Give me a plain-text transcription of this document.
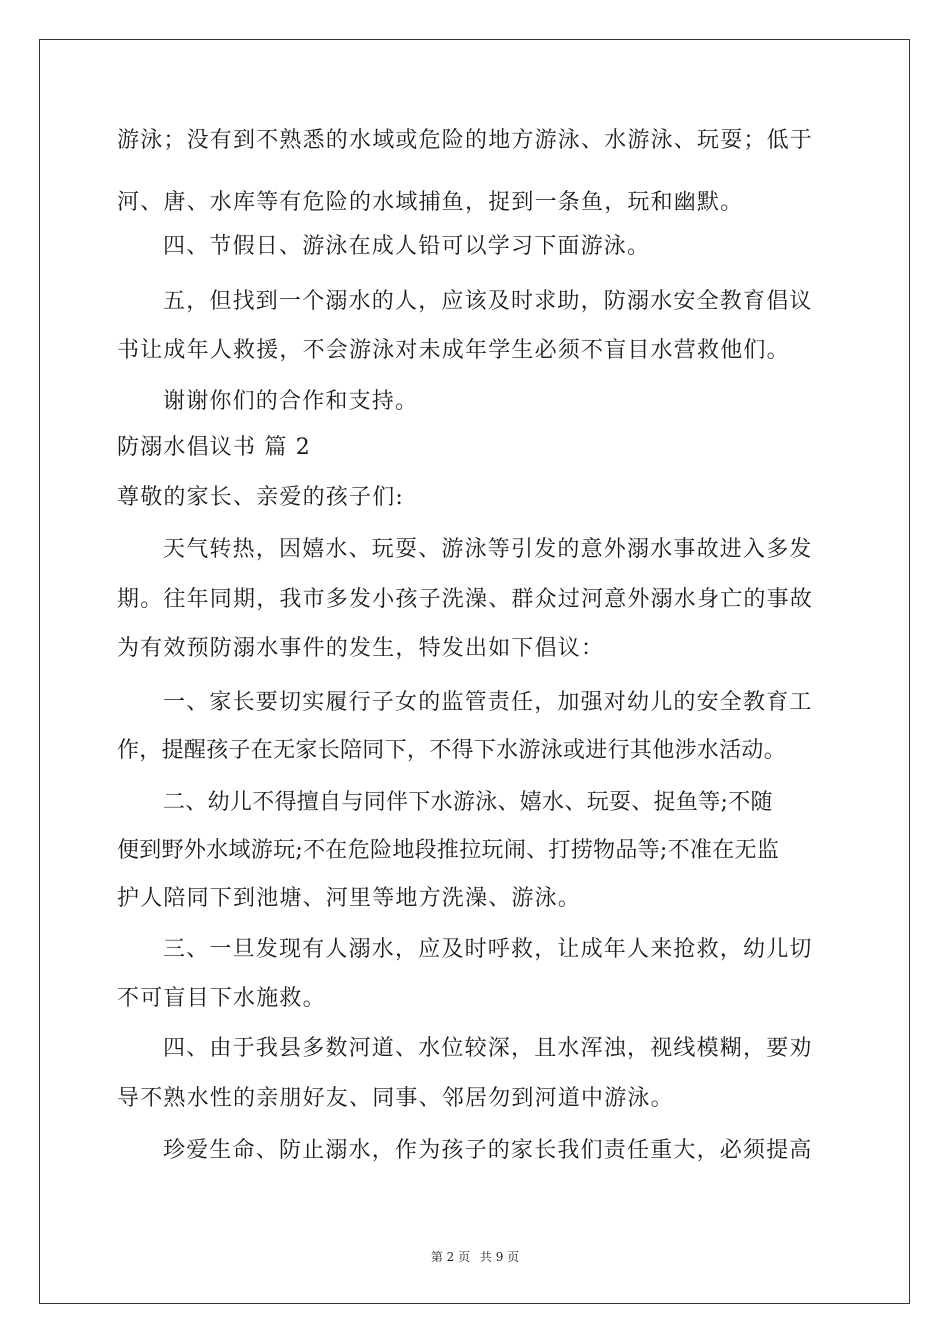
游泳；没有到不熟悉的水域或危险的地方游泳、水游泳、玩耍；低于
河、唐、水库等有危险的水域捕鱼，捉到一条鱼，玩和幽默。
四、节假日、游泳在成人铅可以学习下面游泳。
五，但找到一个溺水的人，应该及时求助，防溺水安全教育倡议
书让成年人救援，不会游泳对未成年学生必须不盲目水营救他们。
谢谢你们的合作和支持。
防溺水倡议书 篇 2
尊敬的家长、亲爱的孩子们:
天气转热，因嬉水、玩耍、游泳等引发的意外溺水事故进入多发
期。往年同期，我市多发小孩子洗澡、群众过河意外溺水身亡的事故
为有效预防溺水事件的发生，特发出如下倡议：
一、家长要切实履行子女的监管责任，加强对幼儿的安全教育工
作，提醒孩子在无家长陪同下，不得下水游泳或进行其他涉水活动。
二、幼儿不得擅自与同伴下水游泳、嬉水、玩耍、捉鱼等;不随
便到野外水域游玩;不在危险地段推拉玩闹、打捞物品等;不准在无监
护人陪同下到池塘、河里等地方洗澡、游泳。
三、一旦发现有人溺水，应及时呼救，让成年人来抢救，幼儿切
不可盲目下水施救。
四、由于我县多数河道、水位较深，且水浑浊，视线模糊，要劝
导不熟水性的亲朋好友、同事、邻居勿到河道中游泳。
珍爱生命、防止溺水，作为孩子的家长我们责任重大，必须提高
第 2 页 共 9 页
